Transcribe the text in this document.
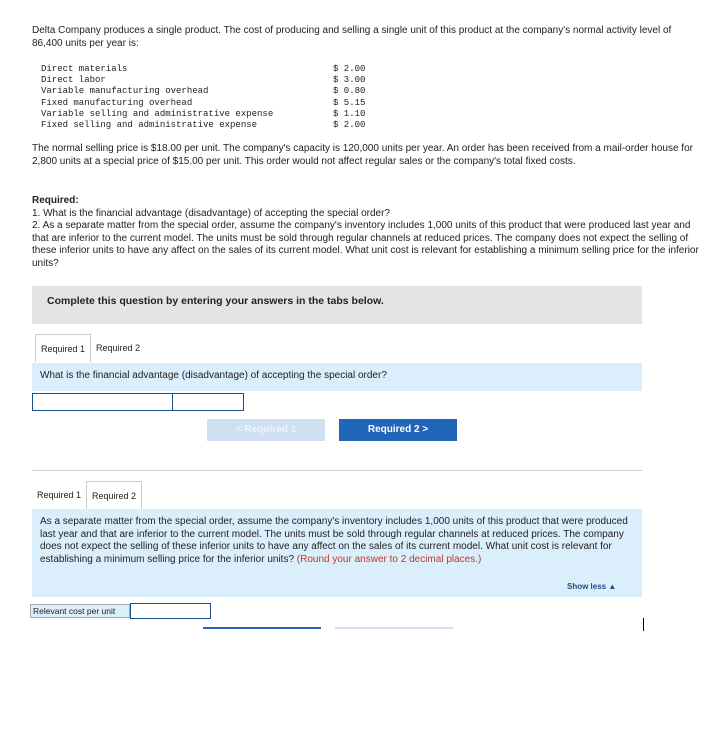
Delta Company produces a single product. The cost of producing and selling a single unit of this product at the company's normal activity level of 86,400 units per year is:
Direct materials	$ 2.00
Direct labor	$ 3.00
Variable manufacturing overhead	$ 0.80
Fixed manufacturing overhead	$ 5.15
Variable selling and administrative expense	$ 1.10
Fixed selling and administrative expense	$ 2.00
The normal selling price is $18.00 per unit. The company's capacity is 120,000 units per year. An order has been received from a mail-order house for 2,800 units at a special price of $15.00 per unit. This order would not affect regular sales or the company's total fixed costs.
Required:
1. What is the financial advantage (disadvantage) of accepting the special order?
2. As a separate matter from the special order, assume the company's inventory includes 1,000 units of this product that were produced last year and that are inferior to the current model. The units must be sold through regular channels at reduced prices. The company does not expect the selling of these inferior units to have any affect on the sales of its current model. What unit cost is relevant for establishing a minimum selling price for the inferior units?
Complete this question by entering your answers in the tabs below.
Required 1	Required 2
What is the financial advantage (disadvantage) of accepting the special order?
< Required 1	Required 2 >
Required 1	Required 2
As a separate matter from the special order, assume the company's inventory includes 1,000 units of this product that were produced last year and that are inferior to the current model. The units must be sold through regular channels at reduced prices. The company does not expect the selling of these inferior units to have any affect on the sales of its current model. What unit cost is relevant for establishing a minimum selling price for the inferior units? (Round your answer to 2 decimal places.)
Show less ▲
Relevant cost per unit
